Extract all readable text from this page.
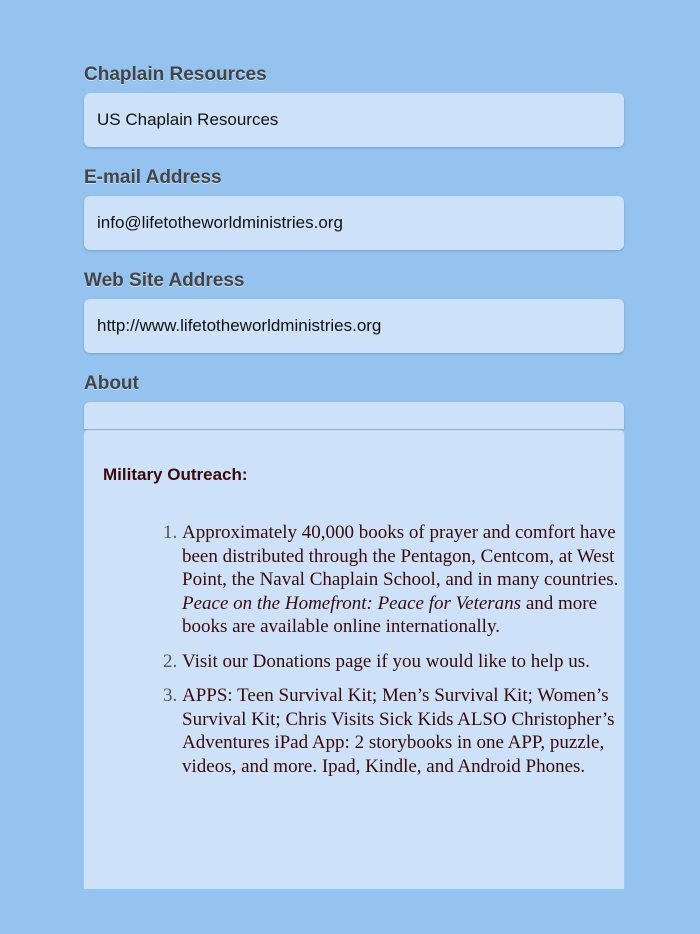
Chaplain Resources
US Chaplain Resources
E-mail Address
info@lifetotheworldministries.org
Web Site Address
http://www.lifetotheworldministries.org
About
Military Outreach:
1. Approximately 40,000 books of prayer and comfort have been distributed through the Pentagon, Centcom, at West Point, the Naval Chaplain School, and in many countries. Peace on the Homefront: Peace for Veterans and more books are available online internationally.
2. Visit our Donations page if you would like to help us.
3. APPS: Teen Survival Kit; Men’s Survival Kit; Women’s Survival Kit; Chris Visits Sick Kids ALSO Christopher’s Adventures iPad App: 2 storybooks in one APP, puzzle, videos, and more. Ipad, Kindle, and Android Phones.
